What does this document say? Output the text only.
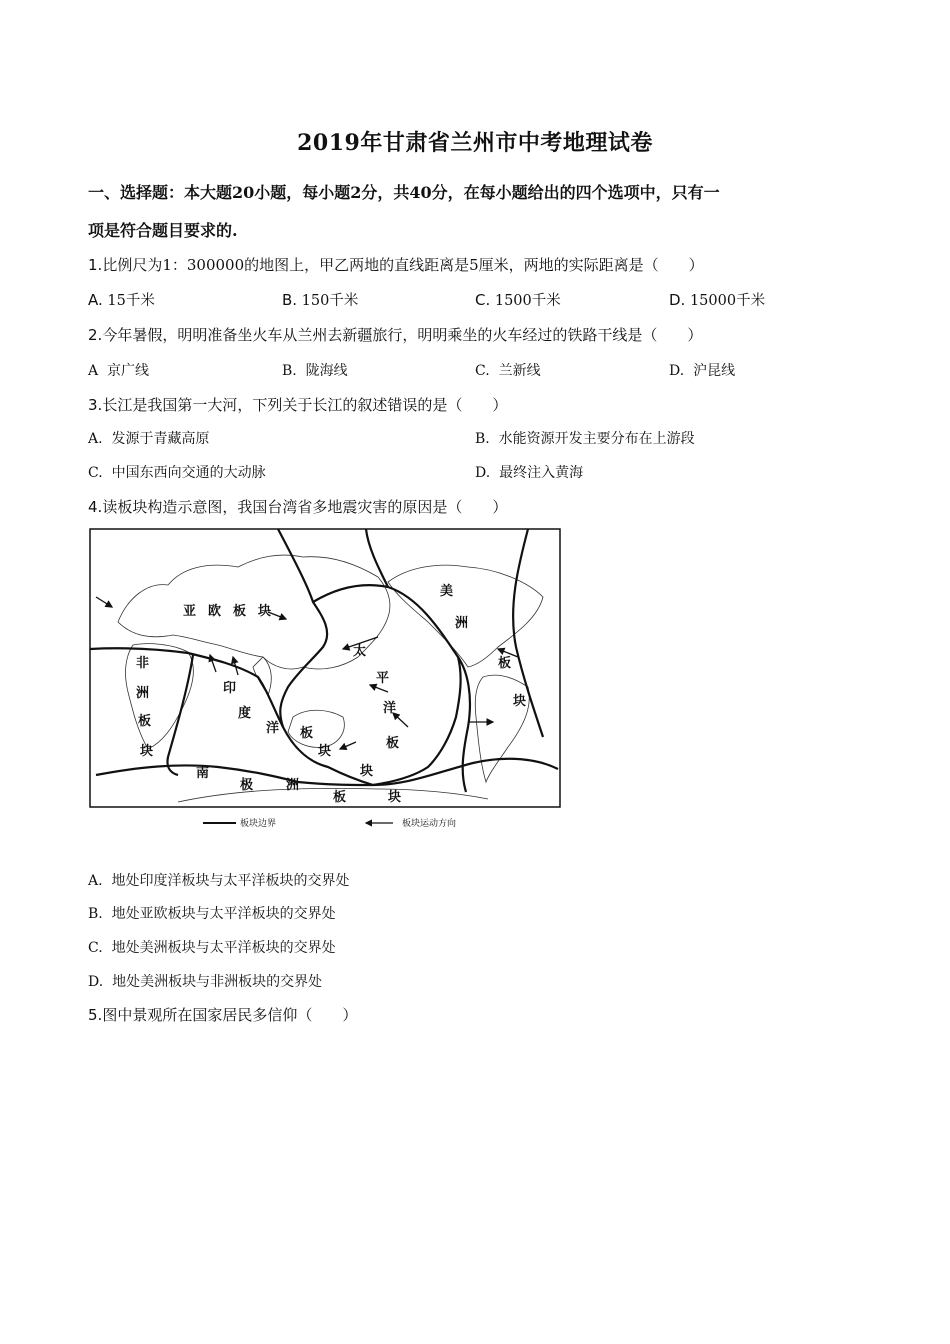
2019年甘肃省兰州市中考地理试卷
一、选择题：本大题20小题，每小题2分，共40分，在每小题给出的四个选项中，只有一
项是符合题目要求的.
1.比例尺为1：300000的地图上，甲乙两地的直线距离是5厘米，两地的实际距离是（　　）
A. 15千米	B. 150千米	C. 1500千米	D. 15000千米
2.今年暑假，明明准备坐火车从兰州去新疆旅行，明明乘坐的火车经过的铁路干线是（　　）
A 京广线	B. 陇海线	C. 兰新线	D. 沪昆线
3.长江是我国第一大河，下列关于长江的叙述错误的是（　　）
A. 发源于青藏高原	B. 水能资源开发主要分布在上游段
C. 中国东西向交通的大动脉	D. 最终注入黄海
4.读板块构造示意图，我国台湾省多地震灾害的原因是（　　）
亚 欧 板 块
非
洲
板
块
印
度
洋 板
块
太
平
洋
板
块
美
洲
板
块
南
极	洲
板	块
板块边界	板块运动方向
A. 地处印度洋板块与太平洋板块的交界处
B. 地处亚欧板块与太平洋板块的交界处
C. 地处美洲板块与太平洋板块的交界处
D. 地处美洲板块与非洲板块的交界处
5.图中景观所在国家居民多信仰（　　）
